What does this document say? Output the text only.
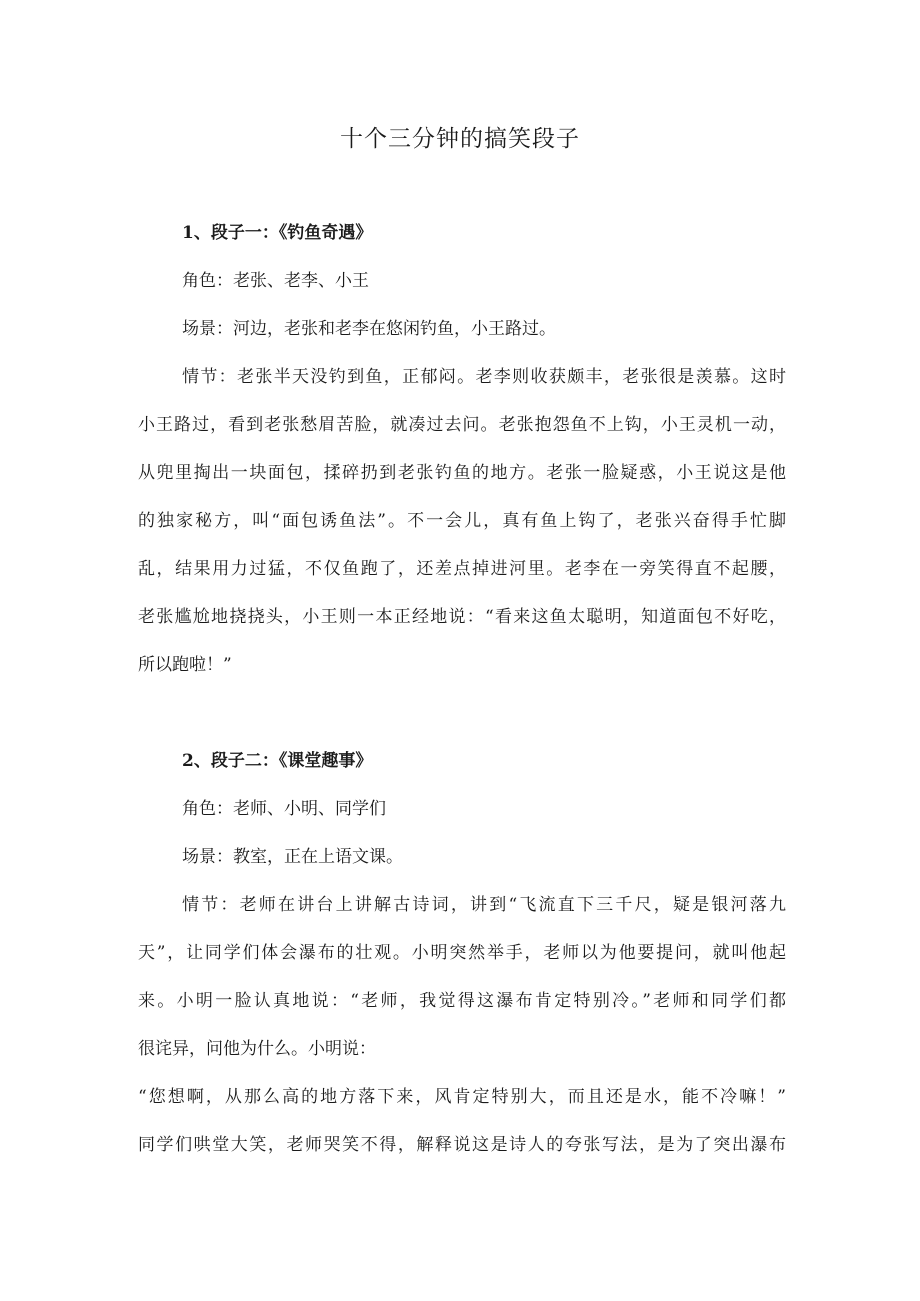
十个三分钟的搞笑段子
1、段子一：《钓鱼奇遇》
角色：老张、老李、小王
场景：河边，老张和老李在悠闲钓鱼，小王路过。
情节：老张半天没钓到鱼，正郁闷。老李则收获颇丰，老张很是羡慕。这时
小王路过，看到老张愁眉苦脸，就凑过去问。老张抱怨鱼不上钩，小王灵机一动，
从兜里掏出一块面包，揉碎扔到老张钓鱼的地方。老张一脸疑惑，小王说这是他
的独家秘方，叫“面包诱鱼法”。不一会儿，真有鱼上钩了，老张兴奋得手忙脚
乱，结果用力过猛，不仅鱼跑了，还差点掉进河里。老李在一旁笑得直不起腰，
老张尴尬地挠挠头，小王则一本正经地说：“看来这鱼太聪明，知道面包不好吃，
所以跑啦！”
2、段子二：《课堂趣事》
角色：老师、小明、同学们
场景：教室，正在上语文课。
情节：老师在讲台上讲解古诗词，讲到“飞流直下三千尺，疑是银河落九
天”，让同学们体会瀑布的壮观。小明突然举手，老师以为他要提问，就叫他起
来。小明一脸认真地说：“老师，我觉得这瀑布肯定特别冷。”老师和同学们都
很诧异，问他为什么。小明说：
“您想啊，从那么高的地方落下来，风肯定特别大，而且还是水，能不冷嘛！”
同学们哄堂大笑，老师哭笑不得，解释说这是诗人的夸张写法，是为了突出瀑布
